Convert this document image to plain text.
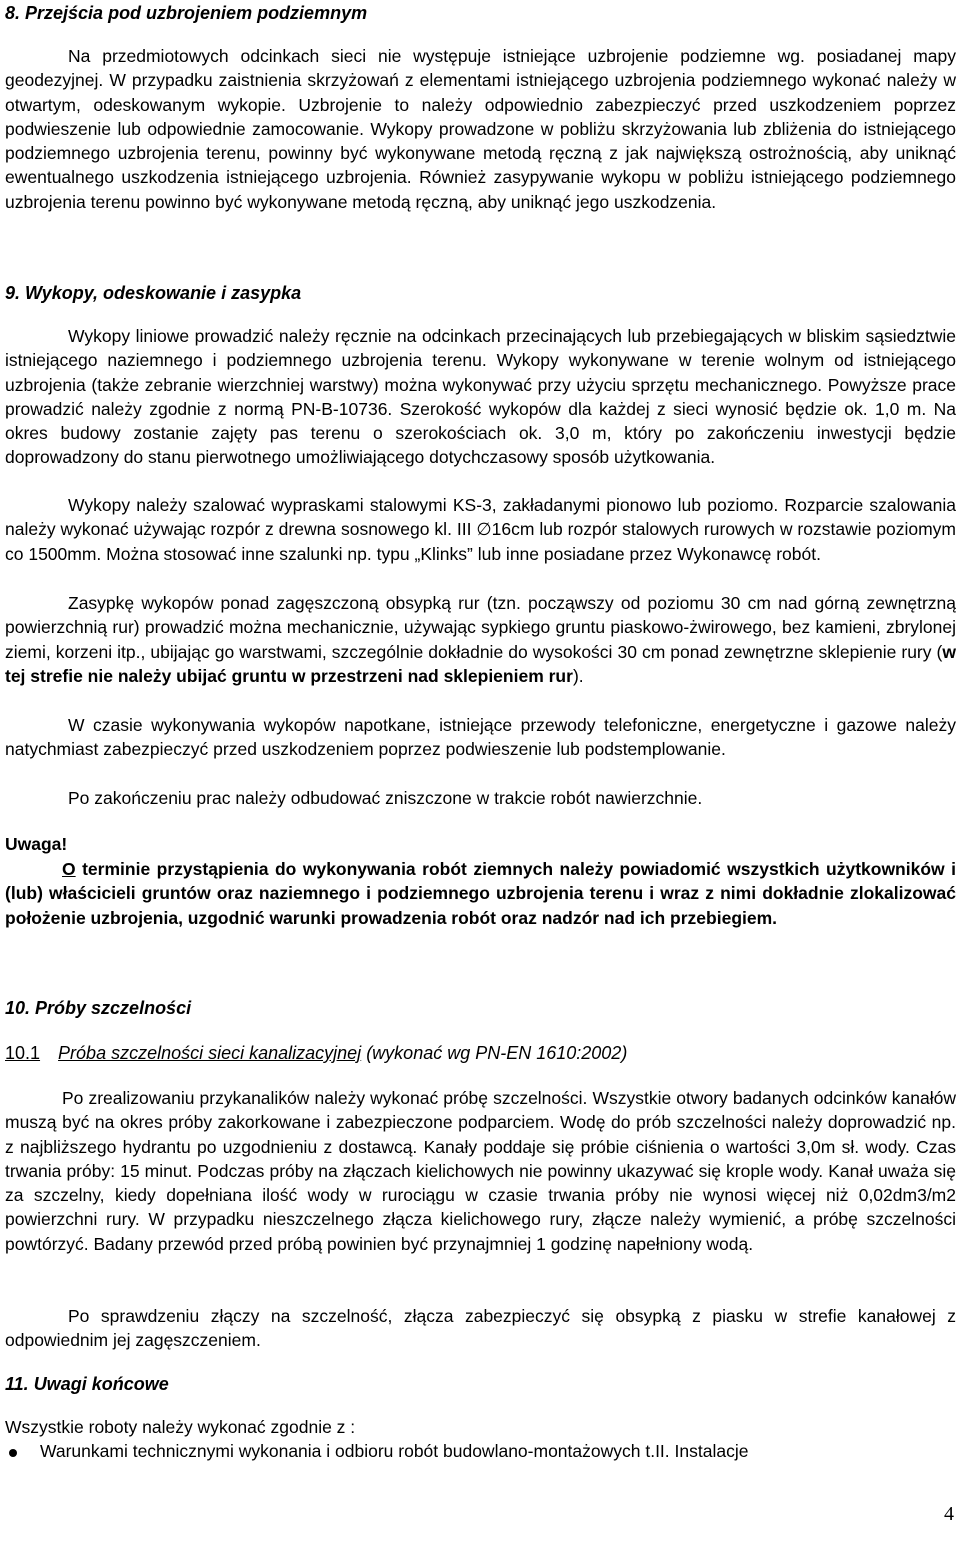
8. Przejścia pod uzbrojeniem podziemnym

Na przedmiotowych odcinkach sieci nie występuje istniejące uzbrojenie podziemne wg. posiadanej mapy geodezyjnej. W przypadku zaistnienia skrzyżowań z elementami istniejącego uzbrojenia podziemnego wykonać należy w otwartym, odeskowanym wykopie. Uzbrojenie to należy odpowiednio zabezpieczyć przed uszkodzeniem poprzez podwieszenie lub odpowiednie zamocowanie. Wykopy prowadzone w pobliżu skrzyżowania lub zbliżenia do istniejącego podziemnego uzbrojenia terenu, powinny być wykonywane metodą ręczną z jak największą ostrożnością, aby uniknąć ewentualnego uszkodzenia istniejącego uzbrojenia. Również zasypywanie wykopu w pobliżu istniejącego podziemnego uzbrojenia terenu powinno być wykonywane metodą ręczną, aby uniknąć jego uszkodzenia.

9. Wykopy, odeskowanie i zasypka

Wykopy liniowe prowadzić należy ręcznie na odcinkach przecinających lub przebiegających w bliskim sąsiedztwie istniejącego naziemnego i podziemnego uzbrojenia terenu. Wykopy wykonywane w terenie wolnym od istniejącego uzbrojenia (także zebranie wierzchniej warstwy) można wykonywać przy użyciu sprzętu mechanicznego. Powyższe prace prowadzić należy zgodnie z normą PN-B-10736. Szerokość wykopów dla każdej z sieci wynosić będzie ok. 1,0 m. Na okres budowy zostanie zajęty pas terenu o szerokościach ok. 3,0 m, który po zakończeniu inwestycji będzie doprowadzony do stanu pierwotnego umożliwiającego dotychczasowy sposób użytkowania.

Wykopy należy szalować wypraskami stalowymi KS-3, zakładanymi pionowo lub poziomo. Rozparcie szalowania należy wykonać używając rozpór z drewna sosnowego kl. III ∅16cm lub rozpór stalowych rurowych w rozstawie poziomym co 1500mm. Można stosować inne szalunki np. typu „Klinks” lub inne posiadane przez Wykonawcę robót.

Zasypkę wykopów ponad zagęszczoną obsypką rur (tzn. począwszy od poziomu 30 cm nad górną zewnętrzną powierzchnią rur) prowadzić można mechanicznie, używając sypkiego gruntu piaskowo-żwirowego, bez kamieni, zbrylonej ziemi, korzeni itp., ubijając go warstwami, szczególnie dokładnie do wysokości 30 cm ponad zewnętrzne sklepienie rury (w tej strefie nie należy ubijać gruntu w przestrzeni nad sklepieniem rur).

W czasie wykonywania wykopów napotkane, istniejące przewody telefoniczne, energetyczne i gazowe należy natychmiast zabezpieczyć przed uszkodzeniem poprzez podwieszenie lub podstemplowanie.

Po zakończeniu prac należy odbudować zniszczone w trakcie robót nawierzchnie.

Uwaga!

O terminie przystąpienia do wykonywania robót ziemnych należy powiadomić wszystkich użytkowników i (lub) właścicieli gruntów oraz naziemnego i podziemnego uzbrojenia terenu i wraz z nimi dokładnie zlokalizować położenie uzbrojenia, uzgodnić warunki prowadzenia robót oraz nadzór nad ich przebiegiem.

10. Próby szczelności
10.1 Próba szczelności sieci kanalizacyjnej (wykonać wg PN-EN 1610:2002)

Po zrealizowaniu przykanalików należy wykonać próbę szczelności. Wszystkie otwory badanych odcinków kanałów muszą być na okres próby zakorkowane i zabezpieczone podparciem. Wodę do prób szczelności należy doprowadzić np. z najbliższego hydrantu po uzgodnieniu z dostawcą. Kanały poddaje się próbie ciśnienia o wartości 3,0m sł. wody. Czas trwania próby: 15 minut. Podczas próby na złączach kielichowych nie powinny ukazywać się krople wody. Kanał uważa się za szczelny, kiedy dopełniana ilość wody w rurociągu w czasie trwania próby nie wynosi więcej niż 0,02dm3/m2 powierzchni rury. W przypadku nieszczelnego złącza kielichowego rury, złącze należy wymienić, a próbę szczelności powtórzyć. Badany przewód przed próbą powinien być przynajmniej 1 godzinę napełniony wodą.

Po sprawdzeniu złączy na szczelność, złącza zabezpieczyć się obsypką z piasku w strefie kanałowej z odpowiednim jej zagęszczeniem.

11. Uwagi końcowe
Wszystkie roboty należy wykonać zgodnie z :
Warunkami technicznymi wykonania i odbioru robót budowlano-montażowych t.II. Instalacje
4
